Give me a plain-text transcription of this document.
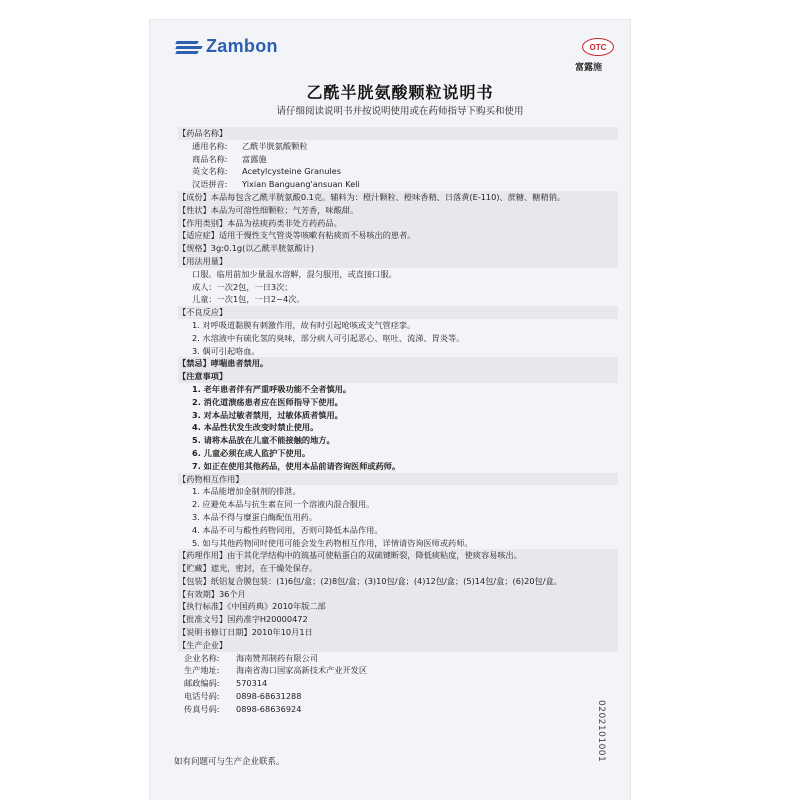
Zambon	OTC
富露施
乙酰半胱氨酸颗粒说明书
请仔细阅读说明书并按说明使用或在药师指导下购买和使用
【药品名称】
通用名称:	乙酰半胱氨酸颗粒
商品名称:	富露施
英文名称:	Acetylcysteine Granules
汉语拼音:	Yixian Banguang'ansuan Keli
【成份】本品每包含乙酰半胱氨酸0.1克。辅料为：橙汁颗粒、橙味香精、日落黄(E-110)、蔗糖、糖精钠。
【性状】本品为可溶性细颗粒；气芳香，味酸甜。
【作用类别】本品为祛痰药类非处方药药品。
【适应症】适用于慢性支气管炎等咳嗽有粘痰而不易咳出的患者。
【规格】3g:0.1g(以乙酰半胱氨酸计)
【用法用量】
口服。临用前加少量温水溶解，混匀服用，或直接口服。
成人：一次2包，一日3次；
儿童：一次1包，一日2~4次。
【不良反应】
1. 对呼吸道黏膜有刺激作用，故有时引起呛咳或支气管痉挛。
2. 水溶液中有硫化氢的臭味，部分病人可引起恶心、呕吐、流涕、胃炎等。
3. 偶可引起咯血。
【禁忌】哮喘患者禁用。
【注意事项】
1. 老年患者伴有严重呼吸功能不全者慎用。
2. 消化道溃疡患者应在医师指导下使用。
3. 对本品过敏者禁用，过敏体质者慎用。
4. 本品性状发生改变时禁止使用。
5. 请将本品放在儿童不能接触的地方。
6. 儿童必须在成人监护下使用。
7. 如正在使用其他药品，使用本品前请咨询医师或药师。
【药物相互作用】
1. 本品能增加金制剂的排泄。
2. 应避免本品与抗生素在同一个溶液内混合服用。
3. 本品不得与糜蛋白酶配伍用药。
4. 本品不可与酸性药物同用，否则可降低本品作用。
5. 如与其他药物同时使用可能会发生药物相互作用，详情请咨询医师或药师。
【药理作用】由于其化学结构中的巯基可使粘蛋白的双硫键断裂，降低痰粘度，使痰容易咳出。
【贮藏】遮光，密封，在干燥处保存。
【包装】纸铝复合膜包装：(1)6包/盒；(2)8包/盒；(3)10包/盒；(4)12包/盒；(5)14包/盒；(6)20包/盒。
【有效期】36个月
【执行标准】《中国药典》2010年版二部
【批准文号】国药准字H20000472
【说明书修订日期】2010年10月1日
【生产企业】
企业名称:	海南赞邦制药有限公司
生产地址:	海南省海口国家高新技术产业开发区
邮政编码:	570314
电话号码:	0898-68631288
传真号码:	0898-68636924
如有问题可与生产企业联系。	0202101001
